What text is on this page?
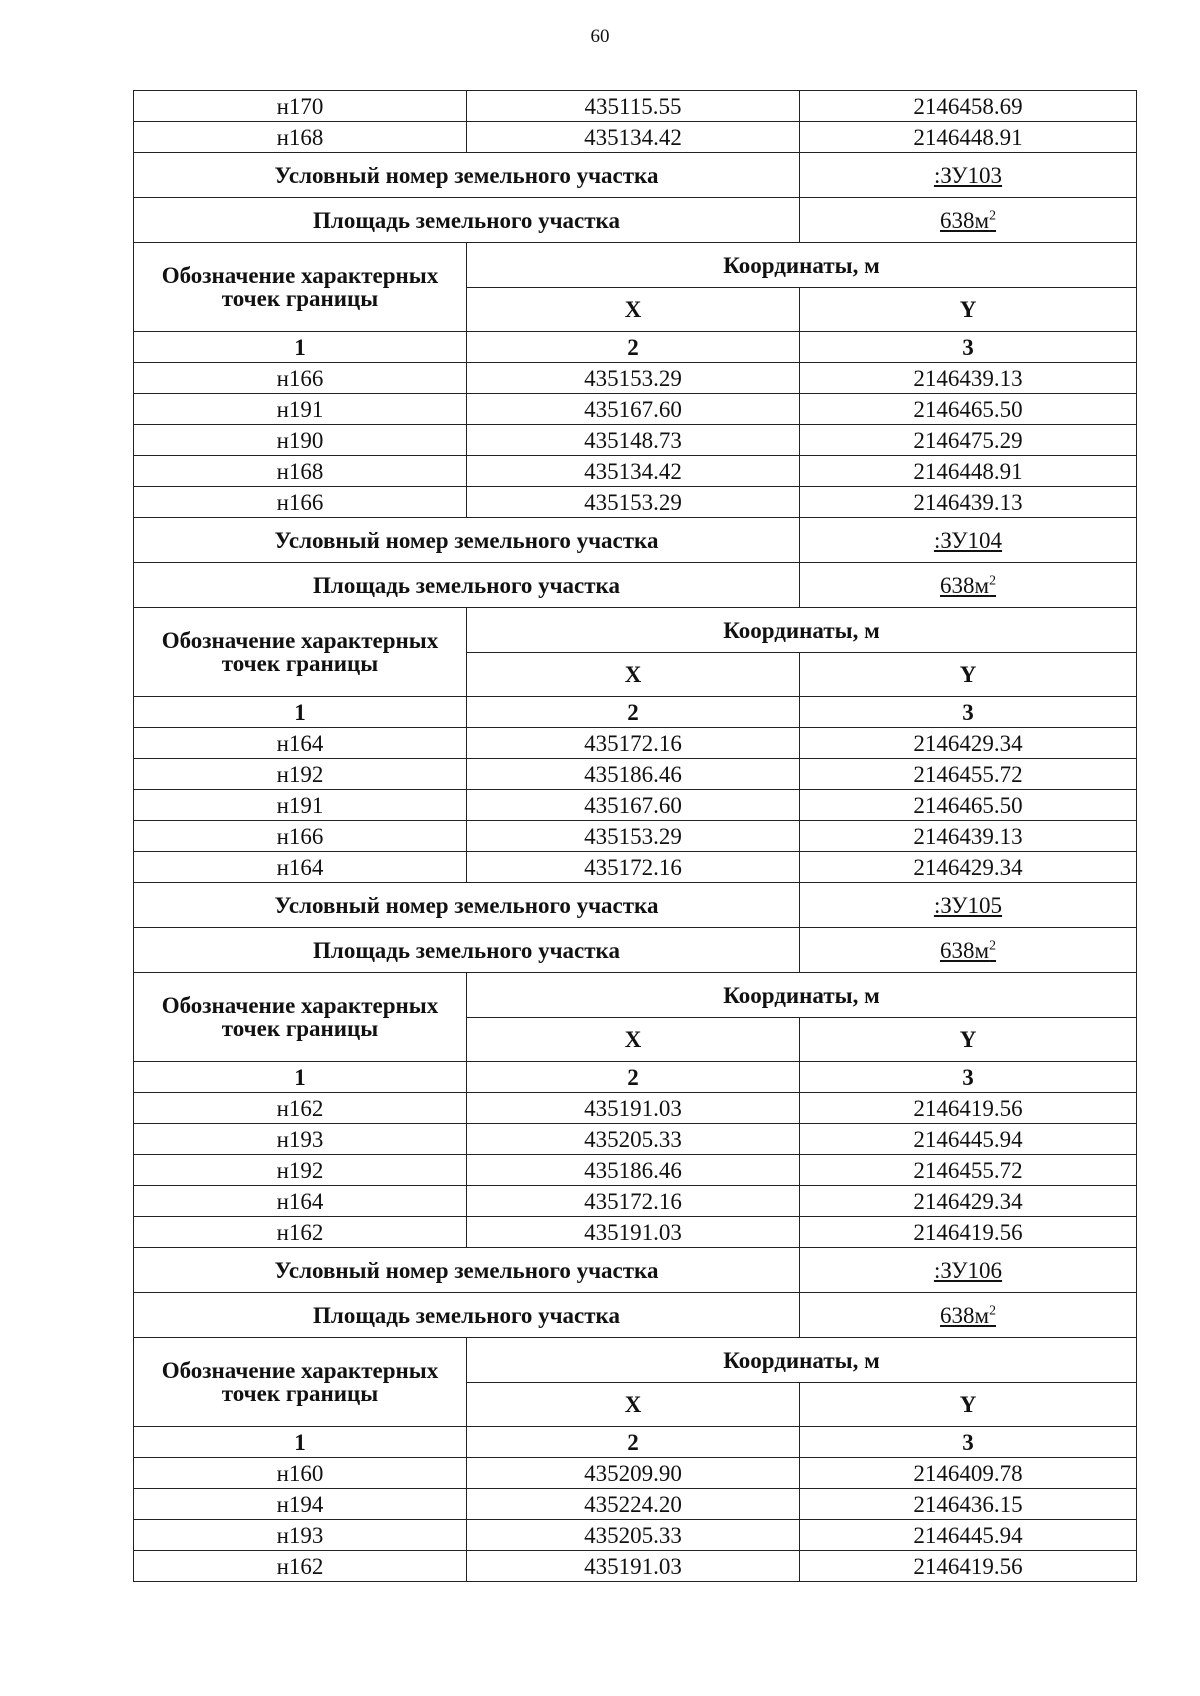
60
н170	435115.55	2146458.69
н168	435134.42	2146448.91
Условный номер земельного участка		:ЗУ103
Площадь земельного участка		$638м^2$
Обозначение характерных точек границы	Координаты, м	
	X	Y
1	2	3
н166	435153.29	2146439.13
н191	435167.60	2146465.50
н190	435148.73	2146475.29
н168	435134.42	2146448.91
н166	435153.29	2146439.13
Условный номер земельного участка		:ЗУ104
Площадь земельного участка		$638м^2$
Обозначение характерных точек границы	Координаты, м	
	X	Y
1	2	3
н164	435172.16	2146429.34
н192	435186.46	2146455.72
н191	435167.60	2146465.50
н166	435153.29	2146439.13
н164	435172.16	2146429.34
Условный номер земельного участка		:ЗУ105
Площадь земельного участка		$638м^2$
Обозначение характерных точек границы	Координаты, м	
	X	Y
1	2	3
н162	435191.03	2146419.56
н193	435205.33	2146445.94
н192	435186.46	2146455.72
н164	435172.16	2146429.34
н162	435191.03	2146419.56
Условный номер земельного участка		:ЗУ106
Площадь земельного участка		$638м^2$
Обозначение характерных точек границы	Координаты, м	
	X	Y
1	2	3
н160	435209.90	2146409.78
н194	435224.20	2146436.15
н193	435205.33	2146445.94
н162	435191.03	2146419.56
